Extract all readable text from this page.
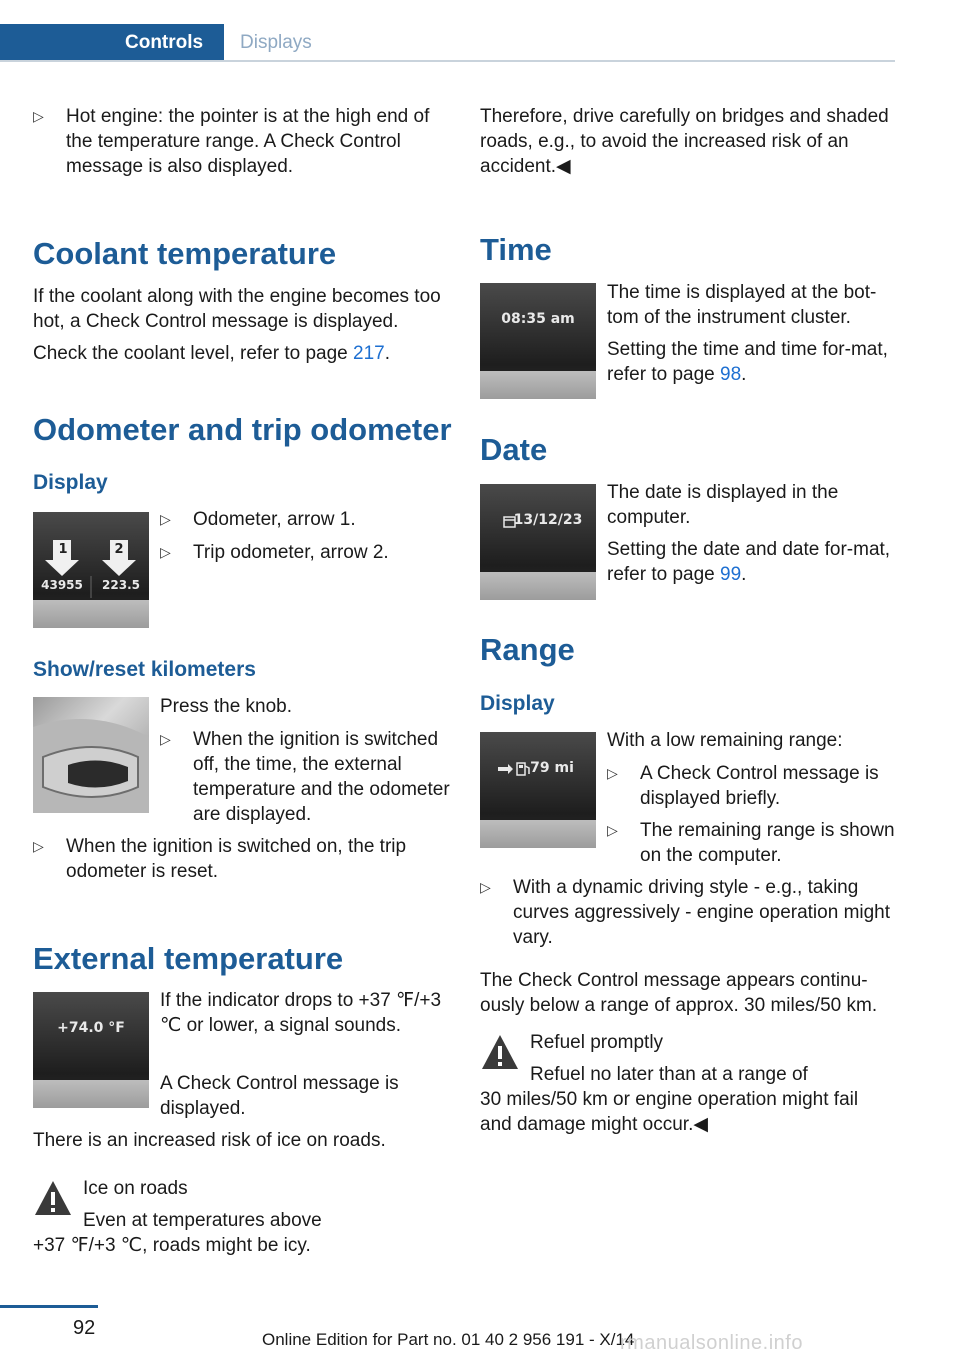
Controls	Displays
▷ Hot engine: the pointer is at the high end of the temperature range. A Check Control message is also displayed.
Coolant temperature

If the coolant along with the engine becomes too hot, a Check Control message is displayed.

Check the coolant level, refer to page 217.

Odometer and trip odometer
Display
1	2
43955	223.5
▷ Odometer, arrow 1.
▷ Trip odometer, arrow 2.
Show/reset kilometers

Press the knob.

▷ When the ignition is switched off, the time, the external temperature and the odometer are displayed.
▷ When the ignition is switched on, the trip odometer is reset.
External temperature
+74.0 °F

If the indicator drops to +37 ℉/+3 ℃ or lower, a signal sounds.

A Check Control message is displayed.

There is an increased risk of ice on roads.

Ice on roads

Even at temperatures above

+37 ℉/+3 ℃, roads might be icy.

Therefore, drive carefully on bridges and shaded roads, e.g., to avoid the increased risk of an accident.◀

Time
08:35 am

The time is displayed at the bot‐tom of the instrument cluster.

Setting the time and time for‐mat, refer to page 98.

Date
13/12/23

The date is displayed in the computer.

Setting the date and date for‐mat, refer to page 99.

Range
Display
79 mi

With a low remaining range:

▷ A Check Control message is displayed briefly.
▷ The remaining range is shown on the computer.
▷ With a dynamic driving style - e.g., taking curves aggressively - engine operation might vary.

The Check Control message appears continu‐ously below a range of approx. 30 miles/50 km.

Refuel promptly

Refuel no later than at a range of

30 miles/50 km or engine operation might fail and damage might occur.◀

92
Online Edition for Part no. 01 40 2 956 191 - X/14
rmanualsonline.info
